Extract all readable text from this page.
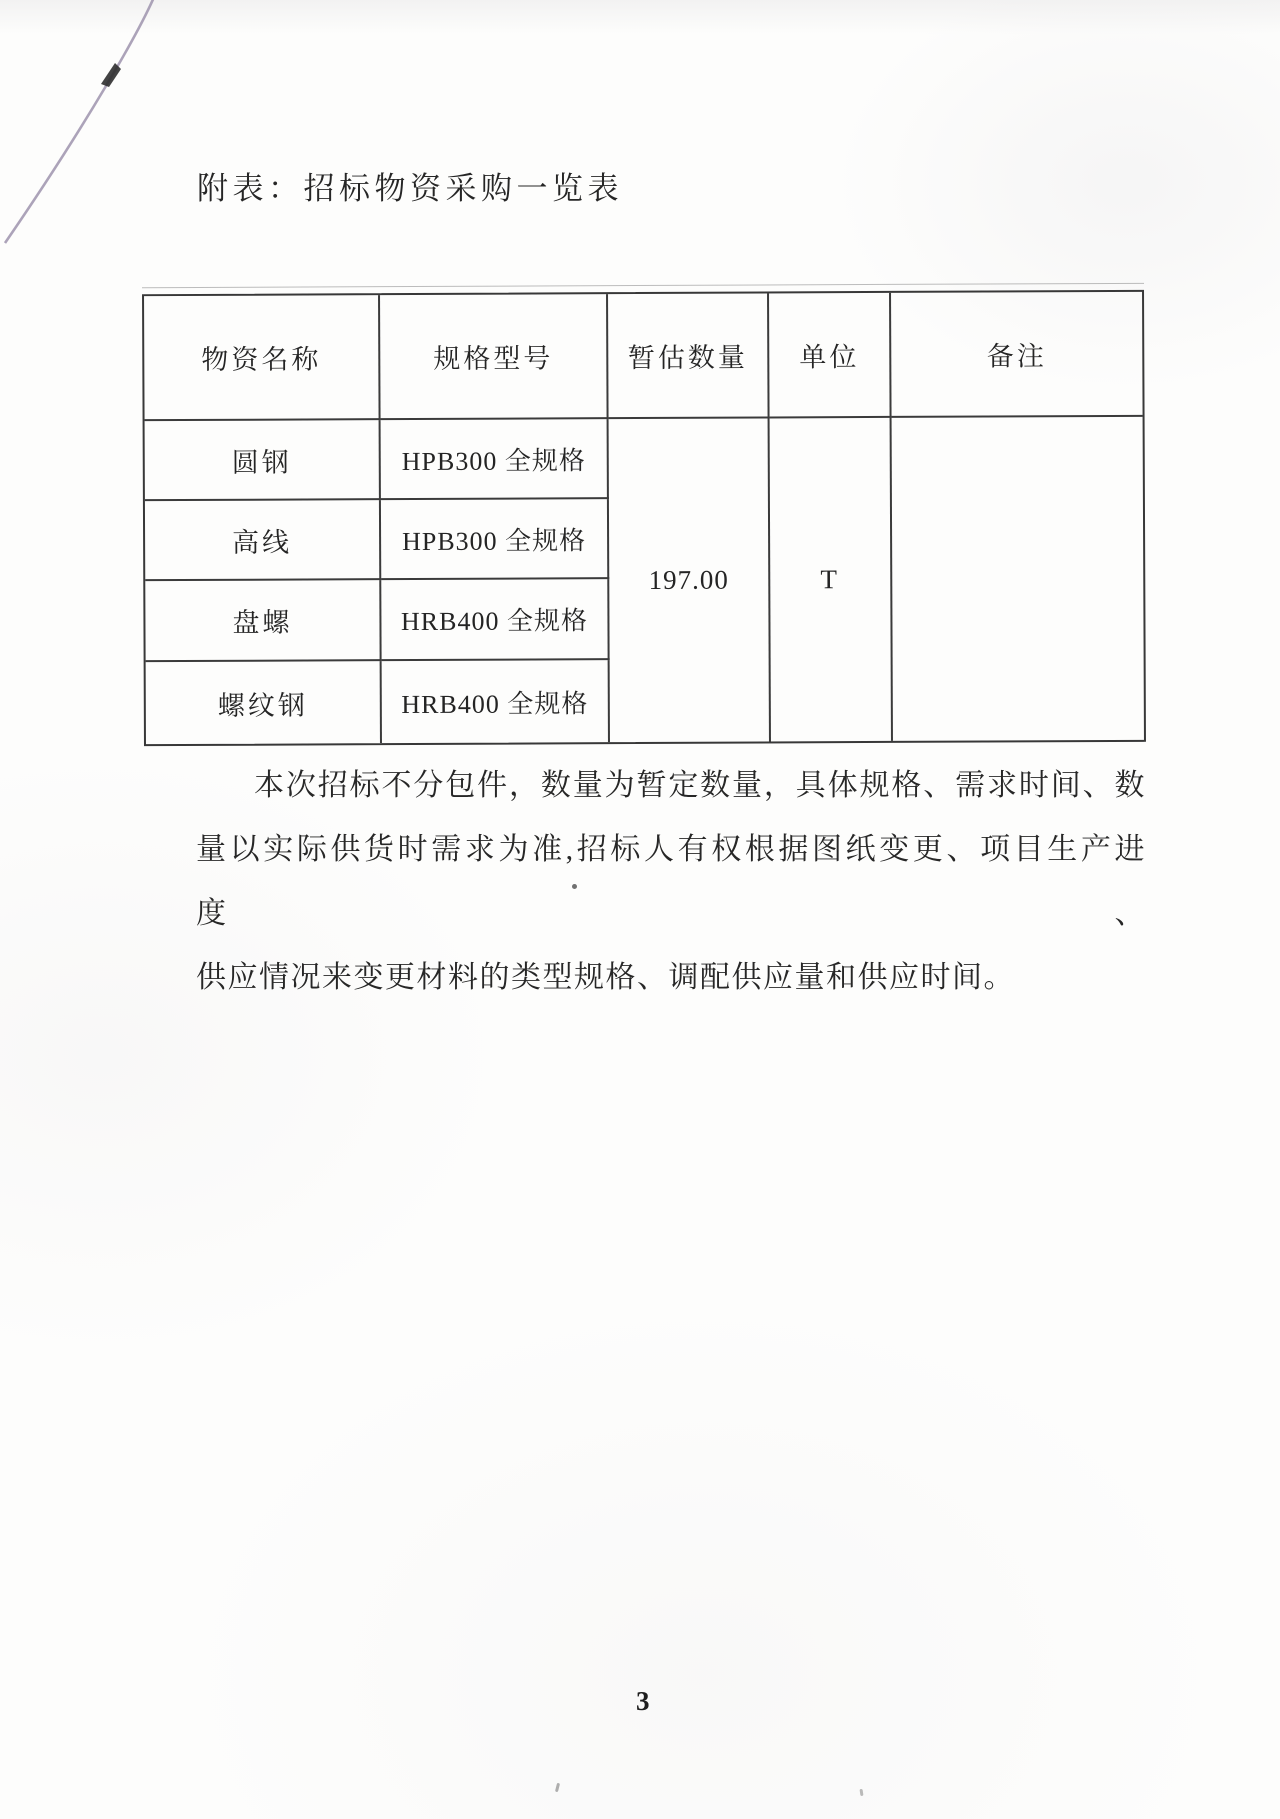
附表：招标物资采购一览表
物资名称	规格型号	暂估数量	单位	备注
圆钢	HPB300 全规格
高线	HPB300 全规格
盘螺	HRB400 全规格
螺纹钢	HRB400 全规格
197.00	T
本次招标不分包件，数量为暂定数量，具体规格、需求时间、数
量以实际供货时需求为准,招标人有权根据图纸变更、项目生产进度、
供应情况来变更材料的类型规格、调配供应量和供应时间。
3
